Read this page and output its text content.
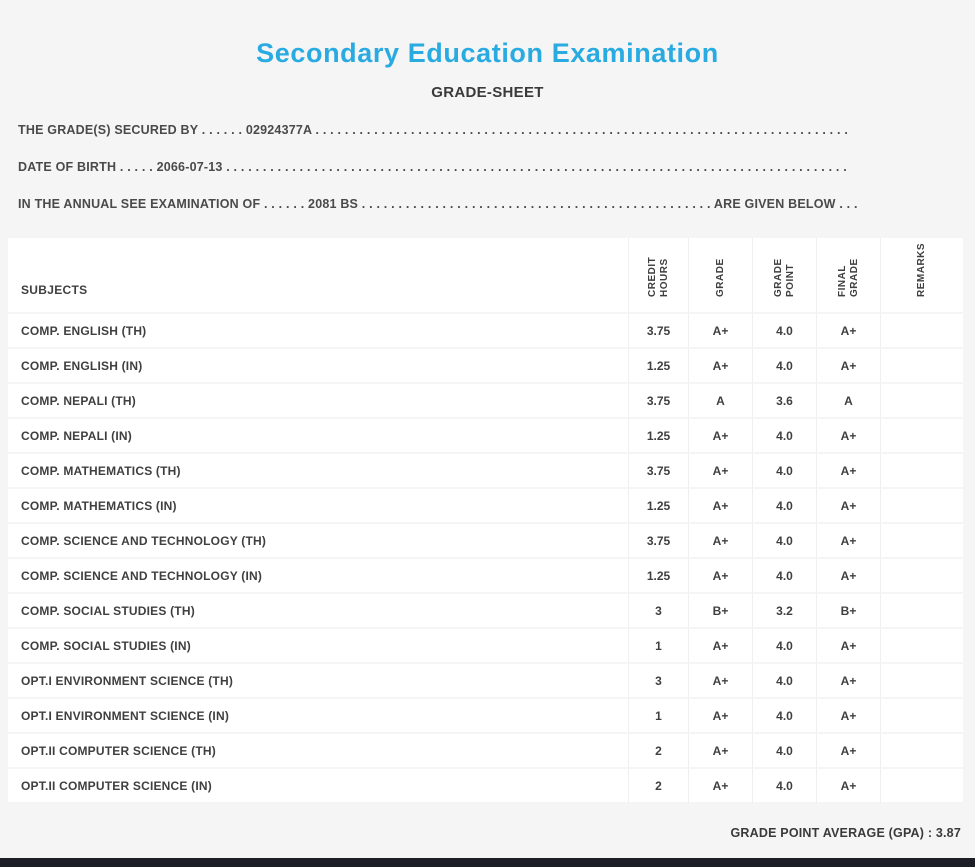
Secondary Education Examination
GRADE-SHEET
THE GRADE(S) SECURED BY . . . . . . 02924377A . . . . . . . . . . . . . . . . . . . . . . . . . . . . . . . . . . . . . . . . . . . . . . . . . . . . . . . . . . . . . . . . . . . . . . . . .
DATE OF BIRTH . . . . . 2066-07-13 . . . . . . . . . . . . . . . . . . . . . . . . . . . . . . . . . . . . . . . . . . . . . . . . . . . . . . . . . . . . . . . . . . . . . . . . . . . . . . . . . . . . .
IN THE ANNUAL SEE EXAMINATION OF . . . . . . 2081 BS . . . . . . . . . . . . . . . . . . . . . . . . . . . . . . . . . . . . . . . . . . . . . . . . ARE GIVEN BELOW . . .
SUBJECTS	CREDIT HOURS	GRADE	GRADE POINT	FINAL GRADE	REMARKS
COMP. ENGLISH (TH)	3.75	A+	4.0	A+	
COMP. ENGLISH (IN)	1.25	A+	4.0	A+	
COMP. NEPALI (TH)	3.75	A	3.6	A	
COMP. NEPALI (IN)	1.25	A+	4.0	A+	
COMP. MATHEMATICS (TH)	3.75	A+	4.0	A+	
COMP. MATHEMATICS (IN)	1.25	A+	4.0	A+	
COMP. SCIENCE AND TECHNOLOGY (TH)	3.75	A+	4.0	A+	
COMP. SCIENCE AND TECHNOLOGY (IN)	1.25	A+	4.0	A+	
COMP. SOCIAL STUDIES (TH)	3	B+	3.2	B+	
COMP. SOCIAL STUDIES (IN)	1	A+	4.0	A+	
OPT.I ENVIRONMENT SCIENCE (TH)	3	A+	4.0	A+	
OPT.I ENVIRONMENT SCIENCE (IN)	1	A+	4.0	A+	
OPT.II COMPUTER SCIENCE (TH)	2	A+	4.0	A+	
OPT.II COMPUTER SCIENCE (IN)	2	A+	4.0	A+	
GRADE POINT AVERAGE (GPA) : 3.87
